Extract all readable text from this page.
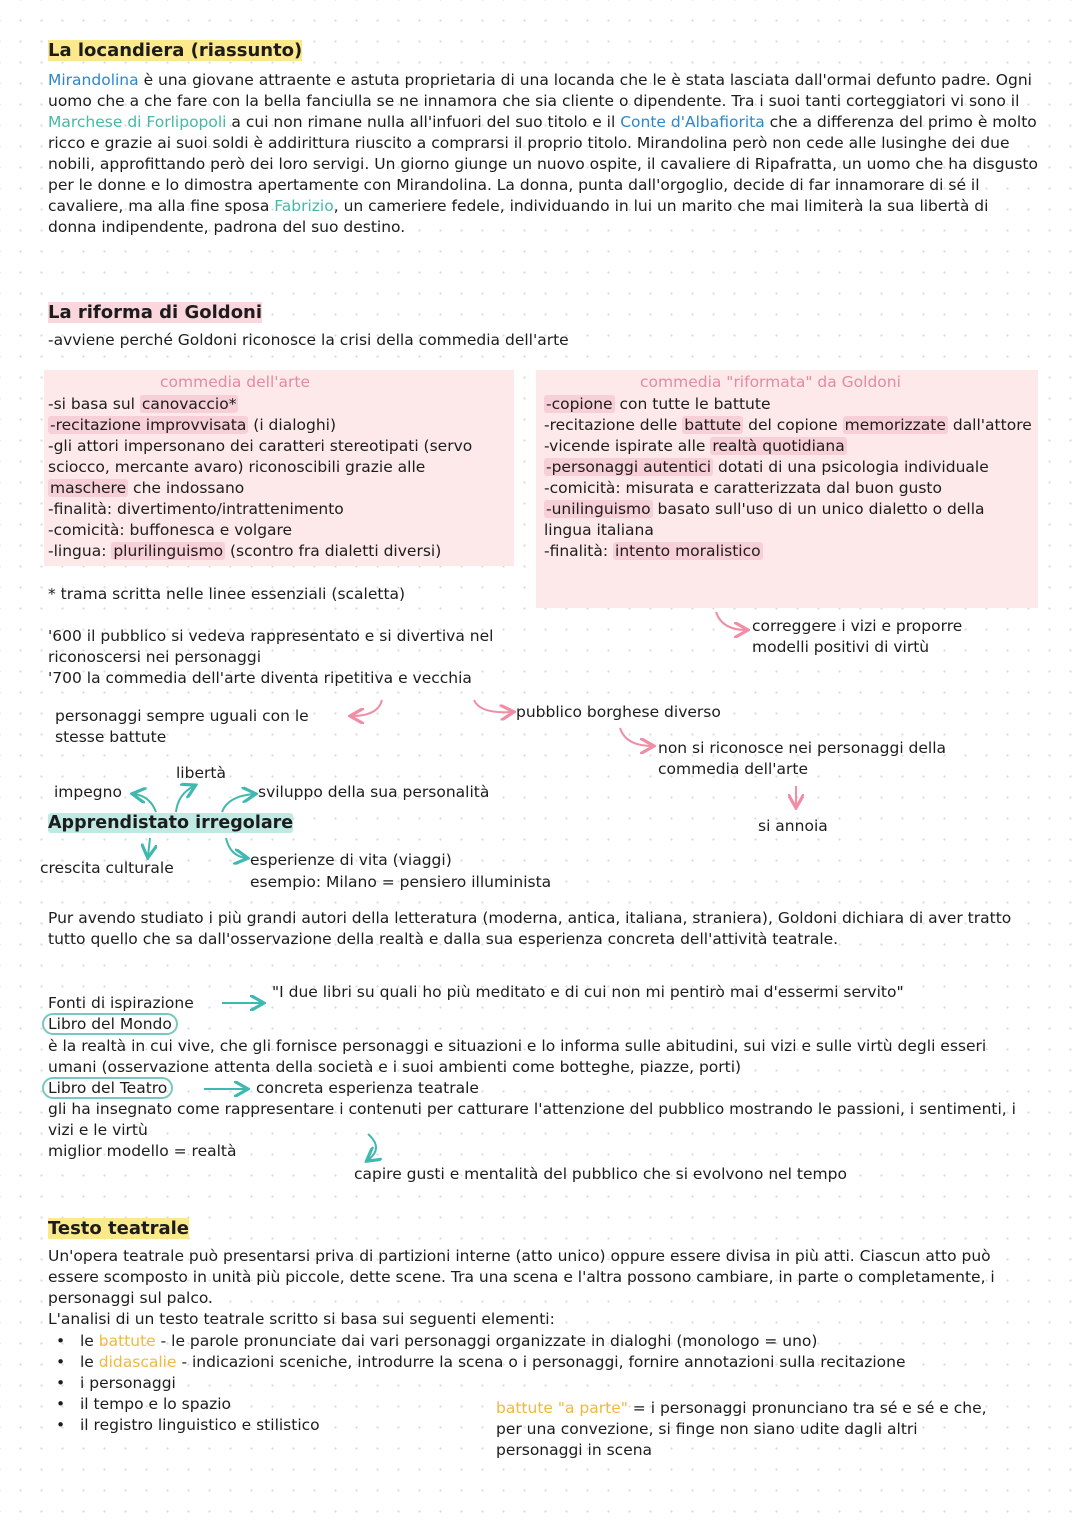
La locandiera (riassunto)
Mirandolina è una giovane attraente e astuta proprietaria di una locanda che le è stata lasciata dall'ormai defunto padre. Ogni uomo che a che fare con la bella fanciulla se ne innamora che sia cliente o dipendente. Tra i suoi tanti corteggiatori vi sono il Marchese di Forlipopoli a cui non rimane nulla all'infuori del suo titolo e il Conte d'Albafiorita che a differenza del primo è molto ricco e grazie ai suoi soldi è addirittura riuscito a comprarsi il proprio titolo. Mirandolina però non cede alle lusinghe dei due nobili, approfittando però dei loro servigi. Un giorno giunge un nuovo ospite, il cavaliere di Ripafratta, un uomo che ha disgusto per le donne e lo dimostra apertamente con Mirandolina. La donna, punta dall'orgoglio, decide di far innamorare di sé il cavaliere, ma alla fine sposa Fabrizio, un cameriere fedele, individuando in lui un marito che mai limiterà la sua libertà di donna indipendente, padrona del suo destino.
La riforma di Goldoni
-avviene perché Goldoni riconosce la crisi della commedia dell'arte
commedia dell'arte
-si basa sul canovaccio*
-recitazione improvvisata (i dialoghi)
-gli attori impersonano dei caratteri stereotipati (servo sciocco, mercante avaro) riconoscibili grazie alle maschere che indossano
-finalità: divertimento/intrattenimento
-comicità: buffonesca e volgare
-lingua: plurilinguismo (scontro fra dialetti diversi)
commedia "riformata" da Goldoni
-copione con tutte le battute
-recitazione delle battute del copione memorizzate dall'attore
-vicende ispirate alle realtà quotidiana
-personaggi autentici dotati di una psicologia individuale
-comicità: misurata e caratterizzata dal buon gusto
-unilinguismo basato sull'uso di un unico dialetto o della lingua italiana
-finalità: intento moralistico
* trama scritta nelle linee essenziali (scaletta)
correggere i vizi e proporre modelli positivi di virtù
'600 il pubblico si vedeva rappresentato e si divertiva nel riconoscersi nei personaggi
'700 la commedia dell'arte diventa ripetitiva e vecchia
personaggi sempre uguali con le stesse battute
pubblico borghese diverso
non si riconosce nei personaggi della commedia dell'arte
si annoia
libertà
impegno	sviluppo della sua personalità
Apprendistato irregolare
crescita culturale	esperienze di vita (viaggi)
esempio: Milano = pensiero illuminista
Pur avendo studiato i più grandi autori della letteratura (moderna, antica, italiana, straniera), Goldoni dichiara di aver tratto tutto quello che sa dall'osservazione della realtà e dalla sua esperienza concreta dell'attività teatrale.
Fonti di ispirazione
"I due libri su quali ho più meditato e di cui non mi pentirò mai d'essermi servito"
Libro del Mondo
è la realtà in cui vive, che gli fornisce personaggi e situazioni e lo informa sulle abitudini, sui vizi e sulle virtù degli esseri umani (osservazione attenta della società e i suoi ambienti come botteghe, piazze, porti)
Libro del Teatro	concreta esperienza teatrale
gli ha insegnato come rappresentare i contenuti per catturare l'attenzione del pubblico mostrando le passioni, i sentimenti, i vizi e le virtù
miglior modello = realtà
capire gusti e mentalità del pubblico che si evolvono nel tempo
Testo teatrale
Un'opera teatrale può presentarsi priva di partizioni interne (atto unico) oppure essere divisa in più atti. Ciascun atto può essere scomposto in unità più piccole, dette scene. Tra una scena e l'altra possono cambiare, in parte o completamente, i personaggi sul palco.
L'analisi di un testo teatrale scritto si basa sui seguenti elementi:
• le battute - le parole pronunciate dai vari personaggi organizzate in dialoghi (monologo = uno)
• le didascalie - indicazioni sceniche, introdurre la scena o i personaggi, fornire annotazioni sulla recitazione
• i personaggi
• il tempo e lo spazio
• il registro linguistico e stilistico
battute "a parte" = i personaggi pronunciano tra sé e sé e che, per una convezione, si finge non siano udite dagli altri personaggi in scena
